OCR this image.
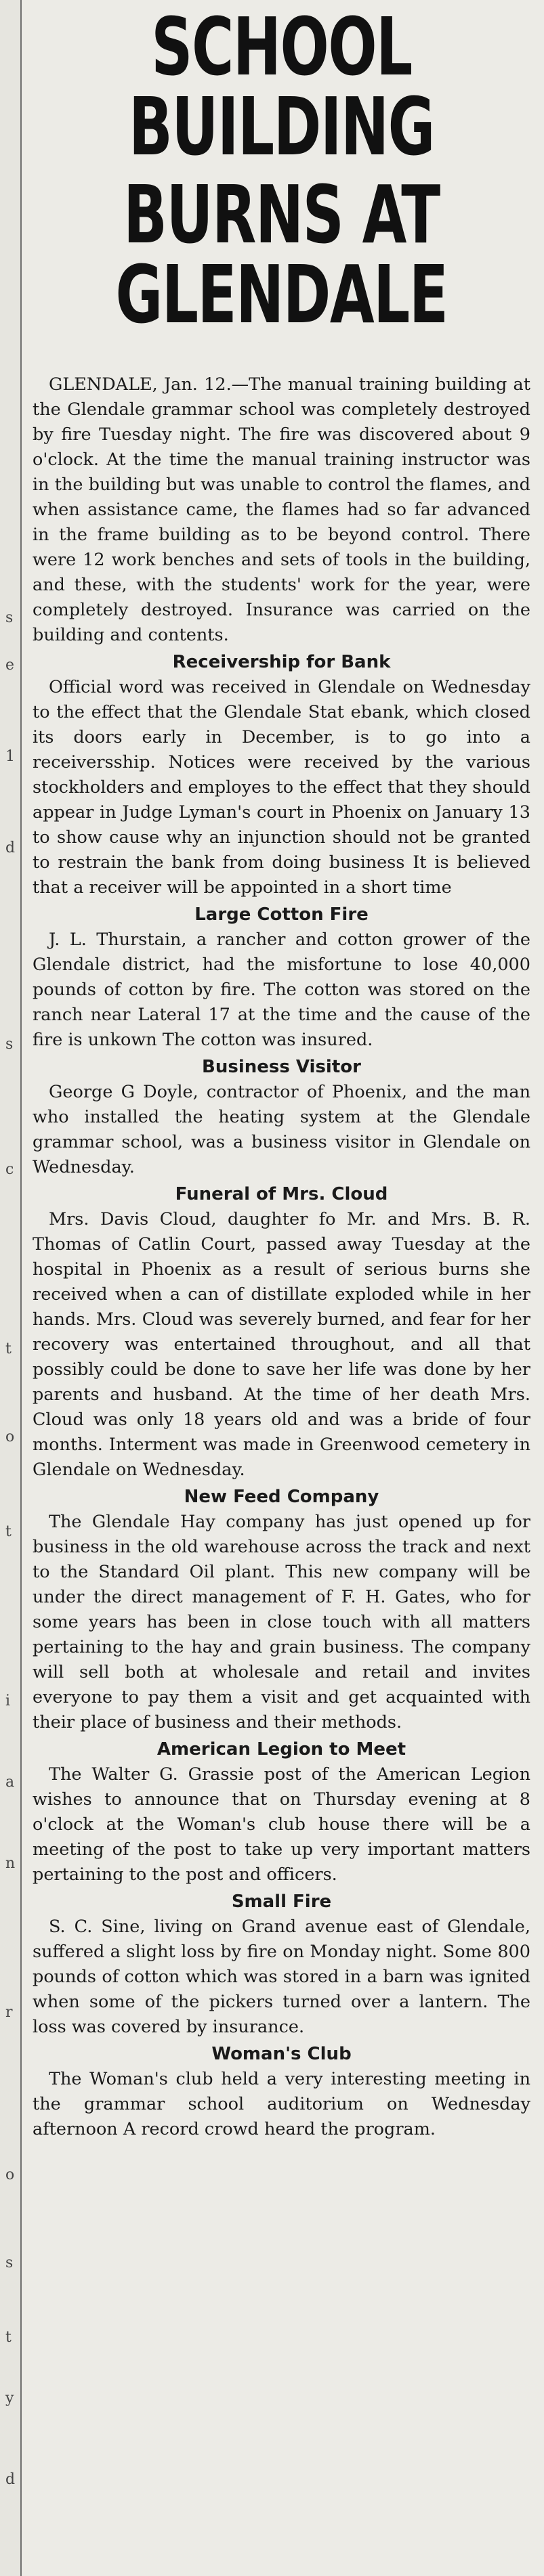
s
e
1
d
s
c
t
o
t
i
a
n
r
o
s
t
y
d
SCHOOL BUILDING
BURNS AT GLENDALE

GLENDALE, Jan. 12.—The manual training building at the Glendale grammar school was completely destroyed by fire Tuesday night. The fire was discovered about 9 o'clock. At the time the manual training instructor was in the building but was unable to control the flames, and when assistance came, the flames had so far advanced in the frame building as to be beyond control. There were 12 work benches and sets of tools in the building, and these, with the students' work for the year, were completely destroyed. Insurance was carried on the building and contents.

Receivership for Bank

Official word was received in Glendale on Wednesday to the effect that the Glendale Stat ebank, which closed its doors early in December, is to go into a receiversship. Notices were received by the various stockholders and employes to the effect that they should appear in Judge Lyman's court in Phoenix on January 13 to show cause why an injunction should not be granted to restrain the bank from doing business It is believed that a receiver will be appointed in a short time

Large Cotton Fire

J. L. Thurstain, a rancher and cotton grower of the Glendale district, had the misfortune to lose 40,000 pounds of cotton by fire. The cotton was stored on the ranch near Lateral 17 at the time and the cause of the fire is unkown The cotton was insured.

Business Visitor

George G Doyle, contractor of Phoenix, and the man who installed the heating system at the Glendale grammar school, was a business visitor in Glendale on Wednesday.

Funeral of Mrs. Cloud

Mrs. Davis Cloud, daughter fo Mr. and Mrs. B. R. Thomas of Catlin Court, passed away Tuesday at the hospital in Phoenix as a result of serious burns she received when a can of distillate exploded while in her hands. Mrs. Cloud was severely burned, and fear for her recovery was entertained throughout, and all that possibly could be done to save her life was done by her parents and husband. At the time of her death Mrs. Cloud was only 18 years old and was a bride of four months. Interment was made in Greenwood cemetery in Glendale on Wednesday.

New Feed Company

The Glendale Hay company has just opened up for business in the old warehouse across the track and next to the Standard Oil plant. This new company will be under the direct management of F. H. Gates, who for some years has been in close touch with all matters pertaining to the hay and grain business. The company will sell both at wholesale and retail and invites everyone to pay them a visit and get acquainted with their place of business and their methods.

American Legion to Meet

The Walter G. Grassie post of the American Legion wishes to announce that on Thursday evening at 8 o'clock at the Woman's club house there will be a meeting of the post to take up very important matters pertaining to the post and officers.

Small Fire

S. C. Sine, living on Grand avenue east of Glendale, suffered a slight loss by fire on Monday night. Some 800 pounds of cotton which was stored in a barn was ignited when some of the pickers turned over a lantern. The loss was covered by insurance.

Woman's Club

The Woman's club held a very interesting meeting in the grammar school auditorium on Wednesday afternoon A record crowd heard the program.
